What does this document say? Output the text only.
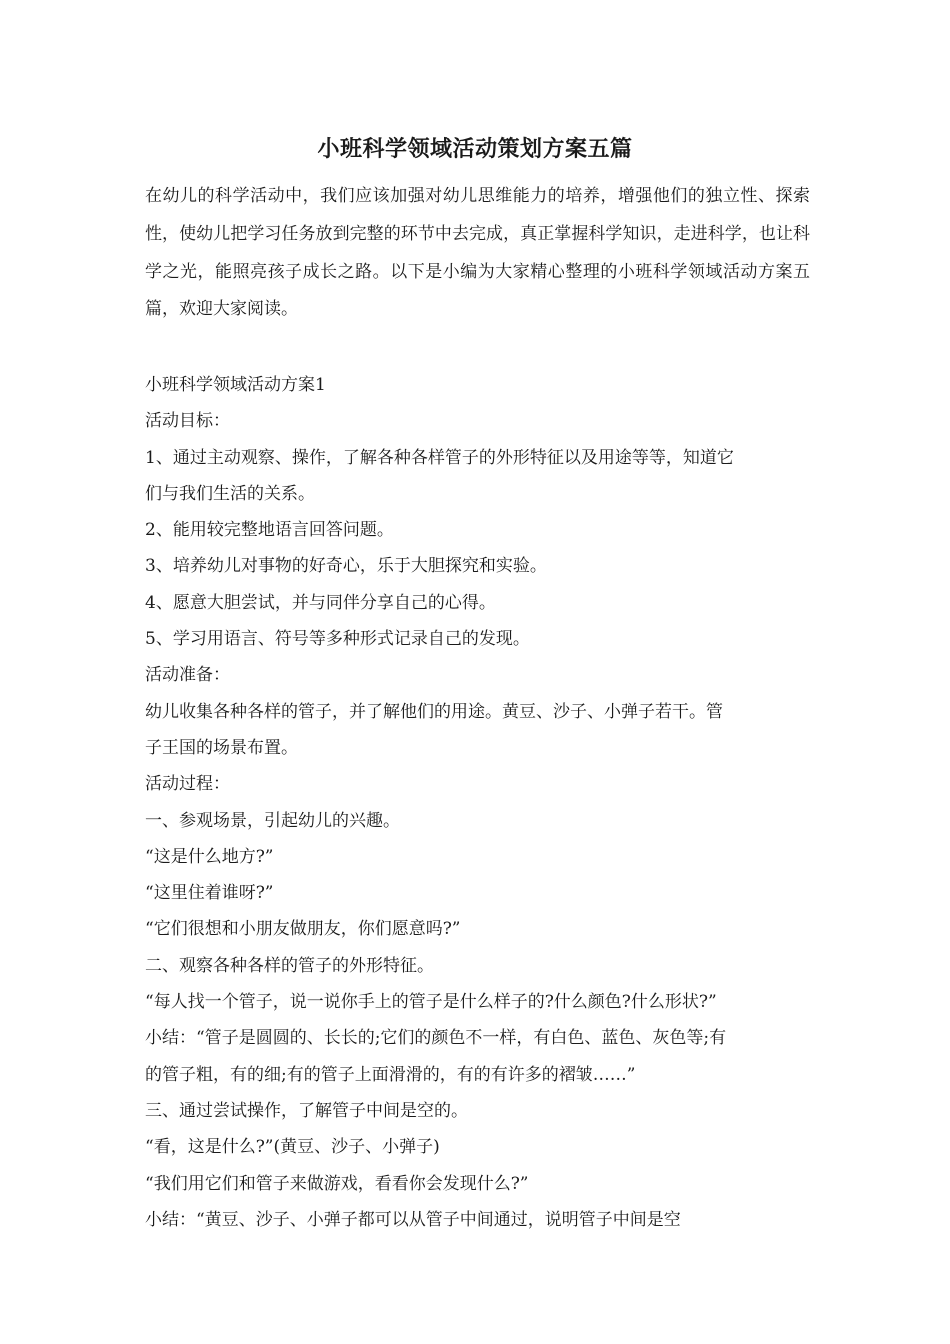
小班科学领域活动策划方案五篇
在幼儿的科学活动中，我们应该加强对幼儿思维能力的培养，增强他们的独立性、探索性，使幼儿把学习任务放到完整的环节中去完成，真正掌握科学知识，走进科学，也让科学之光，能照亮孩子成长之路。以下是小编为大家精心整理的小班科学领域活动方案五篇，欢迎大家阅读。
小班科学领域活动方案1
活动目标：
1、通过主动观察、操作，了解各种各样管子的外形特征以及用途等等，知道它
们与我们生活的关系。
2、能用较完整地语言回答问题。
3、培养幼儿对事物的好奇心，乐于大胆探究和实验。
4、愿意大胆尝试，并与同伴分享自己的心得。
5、学习用语言、符号等多种形式记录自己的发现。
活动准备：
幼儿收集各种各样的管子，并了解他们的用途。黄豆、沙子、小弹子若干。管
子王国的场景布置。
活动过程：
一、参观场景，引起幼儿的兴趣。
“这是什么地方?”
“这里住着谁呀?”
“它们很想和小朋友做朋友，你们愿意吗?”
二、观察各种各样的管子的外形特征。
“每人找一个管子，说一说你手上的管子是什么样子的?什么颜色?什么形状?”
小结：“管子是圆圆的、长长的;它们的颜色不一样，有白色、蓝色、灰色等;有
的管子粗，有的细;有的管子上面滑滑的，有的有许多的褶皱……”
三、通过尝试操作，了解管子中间是空的。
“看，这是什么?”(黄豆、沙子、小弹子)
“我们用它们和管子来做游戏，看看你会发现什么?”
小结：“黄豆、沙子、小弹子都可以从管子中间通过，说明管子中间是空
